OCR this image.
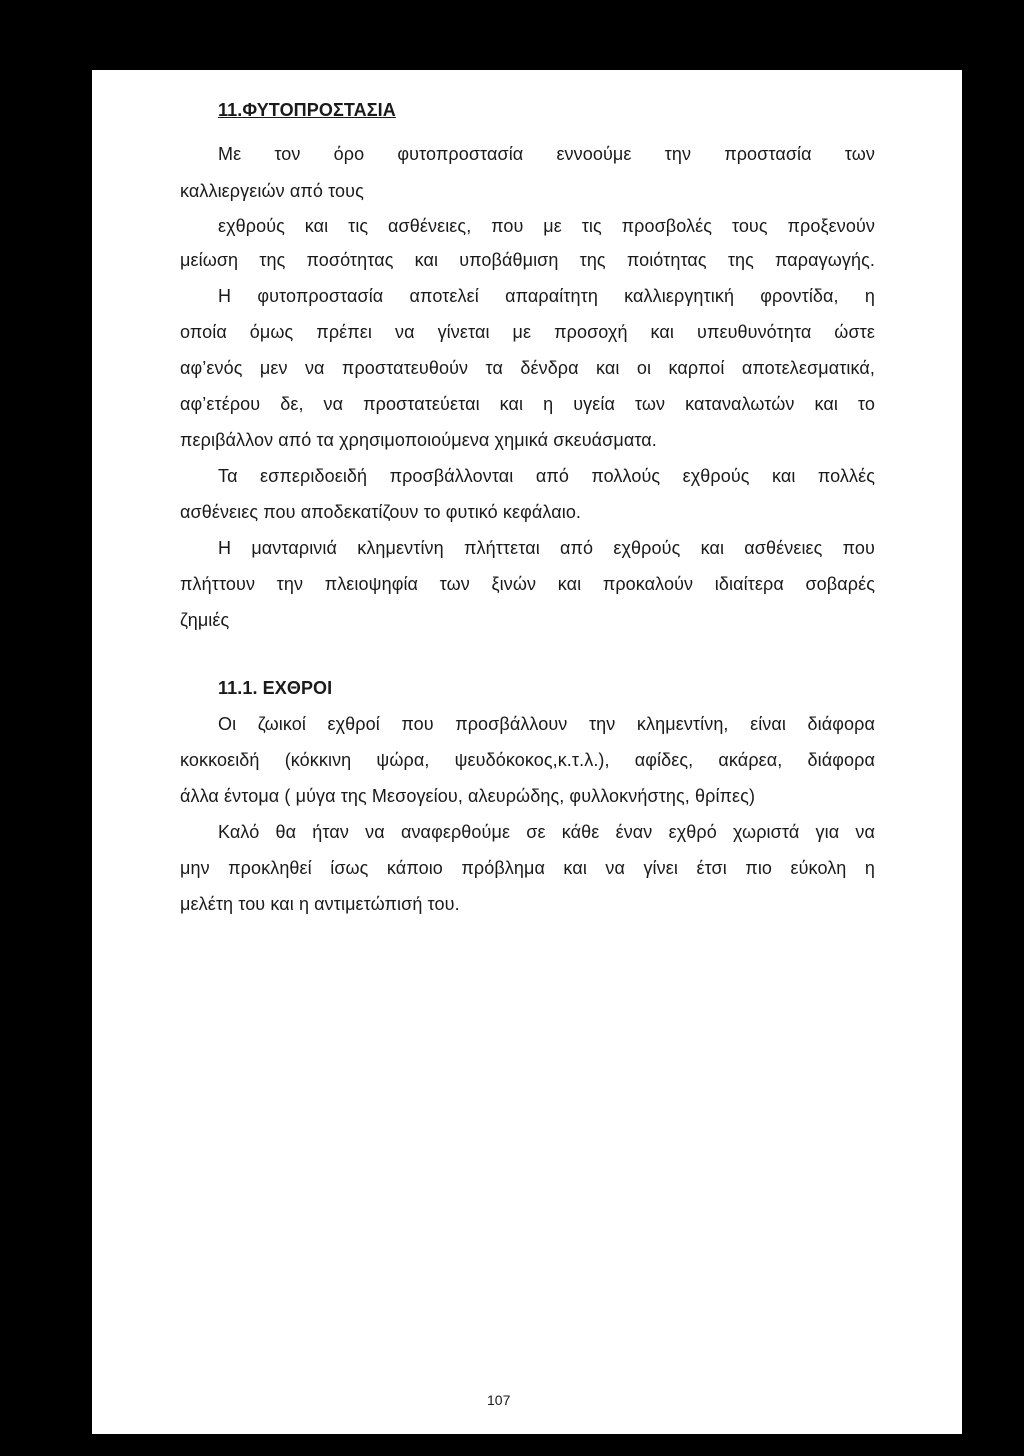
11.ΦΥΤΟΠΡΟΣΤΑΣΙΑ
Με τον όρο φυτοπροστασία εννοούμε την προστασία των
καλλιεργειών από τους
εχθρούς και τις ασθένειες, που με τις προσβολές τους προξενούν
μείωση της ποσότητας και υποβάθμιση της ποιότητας της παραγωγής.
Η φυτοπροστασία αποτελεί απαραίτητη καλλιεργητική φροντίδα, η
οποία όμως πρέπει να γίνεται με προσοχή και υπευθυνότητα ώστε
αφ’ενός μεν να προστατευθούν τα δένδρα και οι καρποί αποτελεσματικά,
αφ’ετέρου δε, να προστατεύεται και η υγεία των καταναλωτών και το
περιβάλλον από τα χρησιμοποιούμενα χημικά σκευάσματα.
Τα εσπεριδοειδή προσβάλλονται από πολλούς εχθρούς και πολλές
ασθένειες που αποδεκατίζουν το φυτικό κεφάλαιο.
Η μανταρινιά κλημεντίνη πλήττεται από εχθρούς και ασθένειες που
πλήττουν την πλειοψηφία των ξινών και προκαλούν ιδιαίτερα σοβαρές
ζημιές
11.1. ΕΧΘΡΟΙ
Οι ζωικοί εχθροί που προσβάλλουν την κλημεντίνη, είναι διάφορα
κοκκοειδή (κόκκινη ψώρα, ψευδόκοκος,κ.τ.λ.), αφίδες, ακάρεα, διάφορα
άλλα έντομα ( μύγα της Μεσογείου, αλευρώδης, φυλλοκνήστης, θρίπες)
Καλό θα ήταν να αναφερθούμε σε κάθε έναν εχθρό χωριστά για να
μην προκληθεί ίσως κάποιο πρόβλημα και να γίνει έτσι πιο εύκολη η
μελέτη του και η αντιμετώπισή του.
107
